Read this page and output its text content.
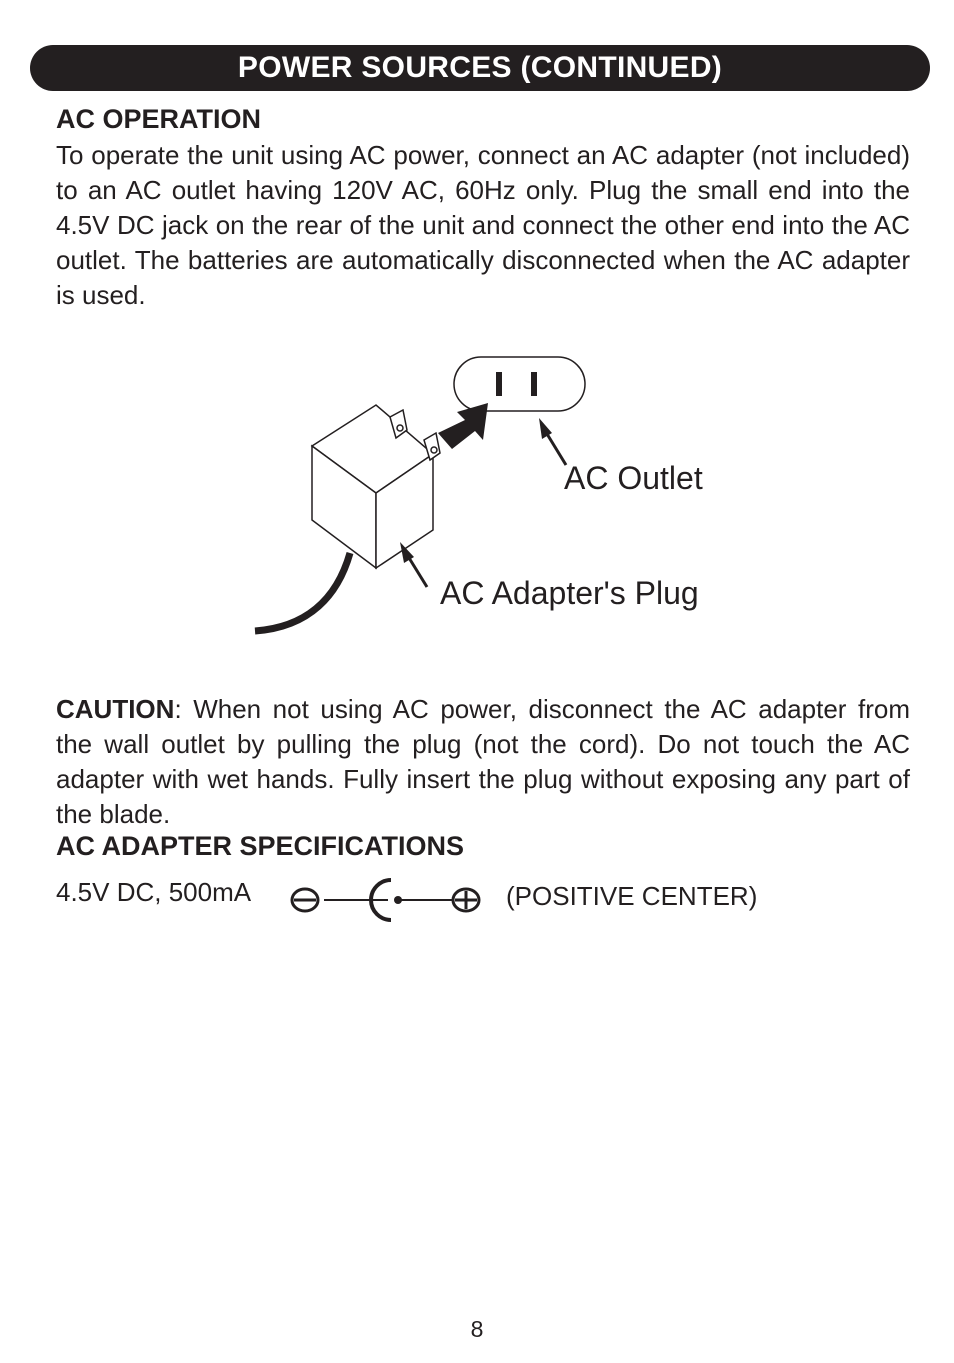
POWER SOURCES (CONTINUED)
AC OPERATION
To operate the unit using AC power, connect an AC adapter (not included) to an AC outlet having 120V AC, 60Hz only. Plug the small end into the 4.5V DC jack on the rear of the unit and connect the other end into the AC outlet. The batteries are automatically disconnected when the AC adapter is used.
AC Outlet
AC Adapter's Plug
CAUTION: When not using AC power, disconnect the AC adapter from the wall outlet by pulling the plug (not the cord). Do not touch the AC adapter with wet hands. Fully insert the plug without exposing any part of the blade.
AC ADAPTER SPECIFICATIONS
4.5V DC, 500mA	(POSITIVE CENTER)
8
